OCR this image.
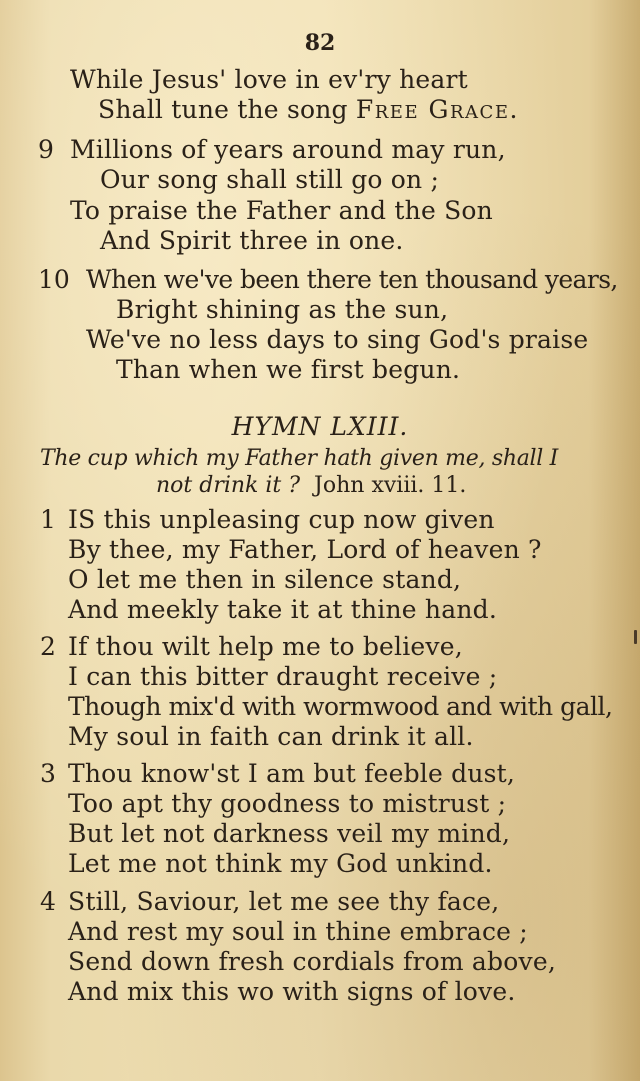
82
While Jesus' love in ev'ry heart
Shall tune the song Free Grace.
9 Millions of years around may run,
Our song shall still go on ;
To praise the Father and the Son
And Spirit three in one.
10 When we've been there ten thousand years,
Bright shining as the sun,
We've no less days to sing God's praise
Than when we first begun.
HYMN LXIII.
The cup which my Father hath given me, shall I
not drink it ? John xviii. 11.
1 IS this unpleasing cup now given
By thee, my Father, Lord of heaven ?
O let me then in silence stand,
And meekly take it at thine hand.
2 If thou wilt help me to believe,
I can this bitter draught receive ;
Though mix'd with wormwood and with gall,
My soul in faith can drink it all.
3 Thou know'st I am but feeble dust,
Too apt thy goodness to mistrust ;
But let not darkness veil my mind,
Let me not think my God unkind.
4 Still, Saviour, let me see thy face,
And rest my soul in thine embrace ;
Send down fresh cordials from above,
And mix this wo with signs of love.
